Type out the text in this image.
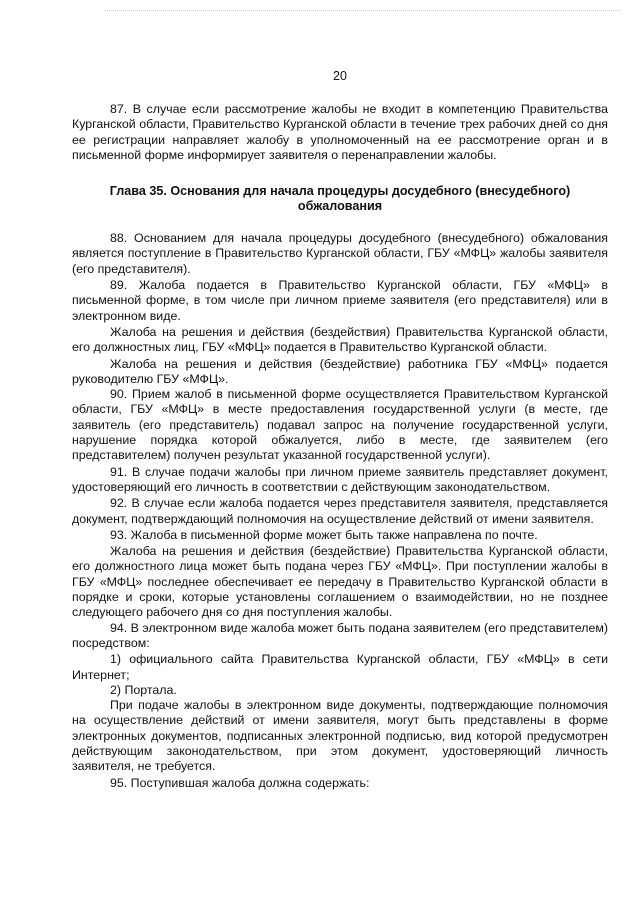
20

87. В случае если рассмотрение жалобы не входит в компетенцию Правительства Курганской области, Правительство Курганской области в течение трех рабочих дней со дня ее регистрации направляет жалобу в уполномоченный на ее рассмотрение орган и в письменной форме информирует заявителя о перенаправлении жалобы.

Глава 35. Основания для начала процедуры досудебного (внесудебного) обжалования

88. Основанием для начала процедуры досудебного (внесудебного) обжалования является поступление в Правительство Курганской области, ГБУ «МФЦ» жалобы заявителя (его представителя).

89. Жалоба подается в Правительство Курганской области, ГБУ «МФЦ» в письменной форме, в том числе при личном приеме заявителя (его представителя) или в электронном виде.

Жалоба на решения и действия (бездействия) Правительства Курганской области, его должностных лиц, ГБУ «МФЦ» подается в Правительство Курганской области.

Жалоба на решения и действия (бездействие) работника ГБУ «МФЦ» подается руководителю ГБУ «МФЦ».

90. Прием жалоб в письменной форме осуществляется Правительством Курганской области, ГБУ «МФЦ» в месте предоставления государственной услуги (в месте, где заявитель (его представитель) подавал запрос на получение государственной услуги, нарушение порядка которой обжалуется, либо в месте, где заявителем (его представителем) получен результат указанной государственной услуги).

91. В случае подачи жалобы при личном приеме заявитель представляет документ, удостоверяющий его личность в соответствии с действующим законодательством.

92. В случае если жалоба подается через представителя заявителя, представляется документ, подтверждающий полномочия на осуществление действий от имени заявителя.

93. Жалоба в письменной форме может быть также направлена по почте.

Жалоба на решения и действия (бездействие) Правительства Курганской области, его должностного лица может быть подана через ГБУ «МФЦ». При поступлении жалобы в ГБУ «МФЦ» последнее обеспечивает ее передачу в Правительство Курганской области в порядке и сроки, которые установлены соглашением о взаимодействии, но не позднее следующего рабочего дня со дня поступления жалобы.

94. В электронном виде жалоба может быть подана заявителем (его представителем) посредством:

1) официального сайта Правительства Курганской области, ГБУ «МФЦ» в сети Интернет;

2) Портала.

При подаче жалобы в электронном виде документы, подтверждающие полномочия на осуществление действий от имени заявителя, могут быть представлены в форме электронных документов, подписанных электронной подписью, вид которой предусмотрен действующим законодательством, при этом документ, удостоверяющий личность заявителя, не требуется.

95. Поступившая жалоба должна содержать:
